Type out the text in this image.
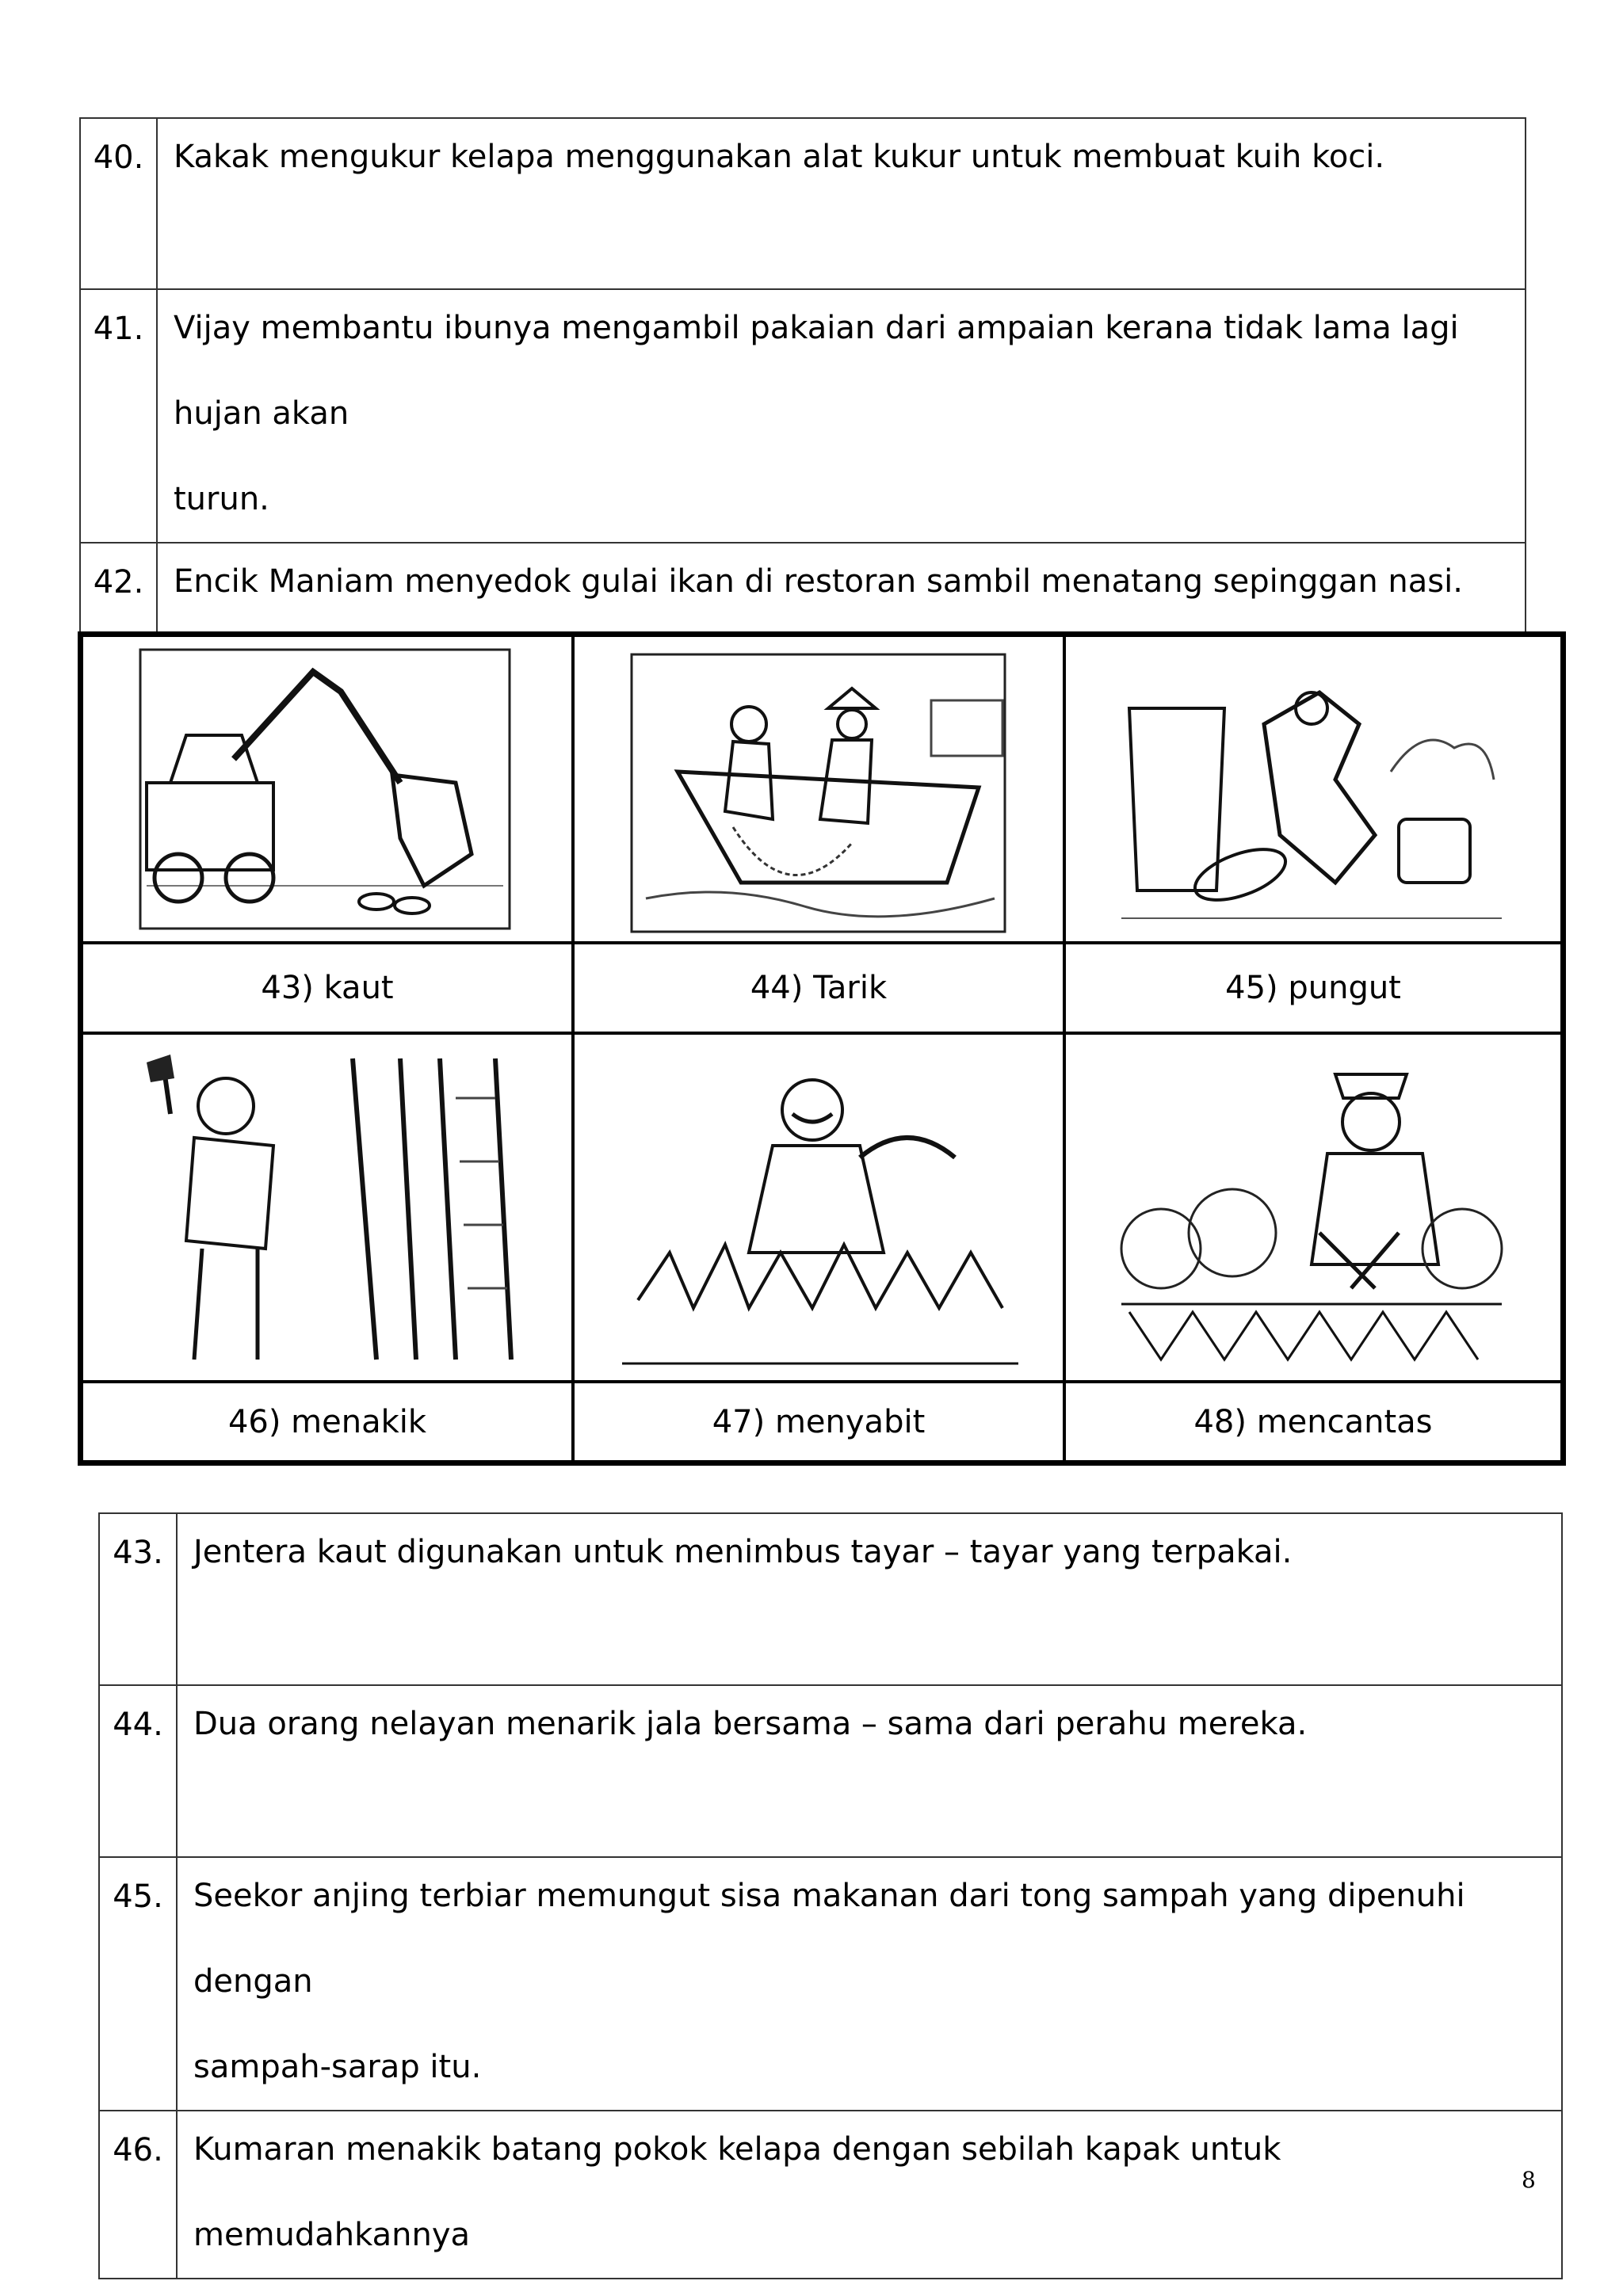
40.	Kakak mengukur kelapa menggunakan alat kukur untuk membuat kuih koci.

41.	Vijay membantu ibunya mengambil pakaian dari ampaian kerana tidak lama lagi hujan akan
turun.

42.	Encik Maniam menyedok gulai ikan di restoran sambil menatang sepinggan nasi.
43) kaut	44) Tarik	45) pungut
46) menakik	47) menyabit	48) mencantas
43.	Jentera kaut digunakan untuk menimbus tayar – tayar yang terpakai.

44.	Dua orang nelayan menarik jala bersama – sama dari perahu mereka.

45.	Seekor anjing terbiar memungut sisa makanan dari tong sampah yang dipenuhi dengan
sampah-sarap itu.

46.	Kumaran menakik batang pokok kelapa dengan sebilah kapak untuk memudahkannya
8
